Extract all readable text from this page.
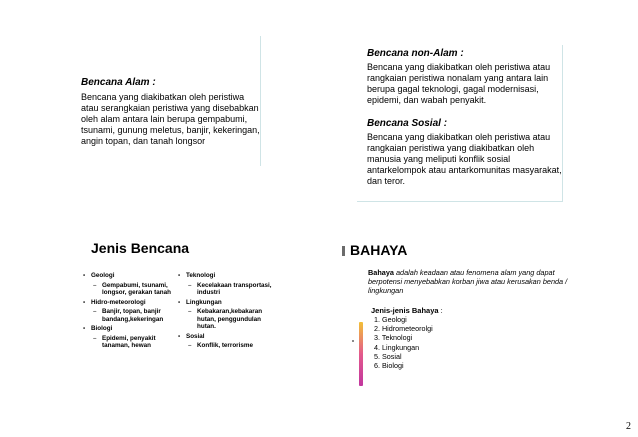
Bencana Alam :
Bencana yang diakibatkan oleh peristiwa atau serangkaian peristiwa yang disebabkan oleh alam antara lain berupa gempabumi, tsunami, gunung meletus, banjir, kekeringan, angin topan, dan tanah longsor
Bencana non-Alam :
Bencana yang diakibatkan oleh peristiwa atau rangkaian peristiwa nonalam yang antara lain berupa gagal teknologi, gagal modernisasi, epidemi, dan wabah penyakit.
Bencana Sosial :
Bencana yang diakibatkan oleh peristiwa atau rangkaian peristiwa yang diakibatkan oleh manusia yang meliputi konflik sosial antarkelompok atau antarkomunitas masyarakat, dan teror.
Jenis Bencana
• Geologi
– Gempabumi, tsunami, longsor, gerakan tanah
• Hidro-meteorologi
– Banjir, topan, banjir bandang,kekeringan
• Biologi
– Epidemi, penyakit tanaman, hewan
• Teknologi
– Kecelakaan transportasi, industri
• Lingkungan
– Kebakaran,kebakaran hutan, penggundulan hutan.
• Sosial
– Konflik, terrorisme
BAHAYA
Bahaya adalah keadaan atau fenomena alam yang dapat berpotensi menyebabkan korban jiwa atau kerusakan benda / lingkungan
Jenis-jenis Bahaya :
1. Geologi
2. Hidrometeorolgi
3. Teknologi
4. Lingkungan
5. Sosial
6. Biologi
2
